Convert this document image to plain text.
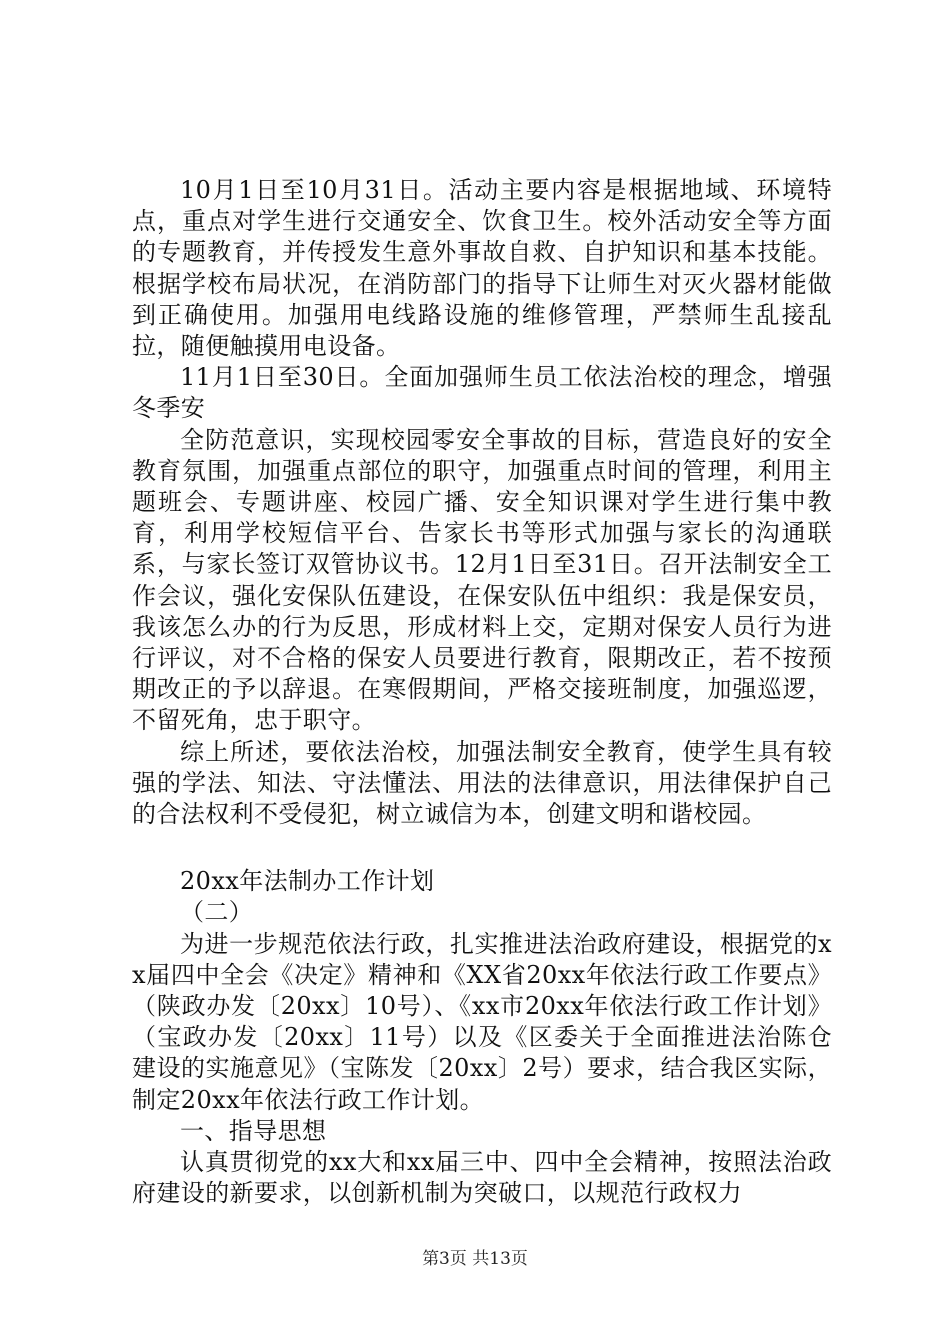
10月1日至10月31日。活动主要内容是根据地域、环境特点，重点对学生进行交通安全、饮食卫生。校外活动安全等方面的专题教育，并传授发生意外事故自救、自护知识和基本技能。根据学校布局状况，在消防部门的指导下让师生对灭火器材能做到正确使用。加强用电线路设施的维修管理，严禁师生乱接乱拉，随便触摸用电设备。

11月1日至30日。全面加强师生员工依法治校的理念，增强冬季安

全防范意识，实现校园零安全事故的目标，营造良好的安全教育氛围，加强重点部位的职守，加强重点时间的管理，利用主题班会、专题讲座、校园广播、安全知识课对学生进行集中教育，利用学校短信平台、告家长书等形式加强与家长的沟通联系，与家长签订双管协议书。12月1日至31日。召开法制安全工作会议，强化安保队伍建设，在保安队伍中组织：我是保安员，我该怎么办的行为反思，形成材料上交，定期对保安人员行为进行评议，对不合格的保安人员要进行教育，限期改正，若不按预期改正的予以辞退。在寒假期间，严格交接班制度，加强巡逻，不留死角，忠于职守。

综上所述，要依法治校，加强法制安全教育，使学生具有较强的学法、知法、守法懂法、用法的法律意识，用法律保护自己的合法权利不受侵犯，树立诚信为本，创建文明和谐校园。

20xx年法制办工作计划

（二）

为进一步规范依法行政，扎实推进法治政府建设，根据党的xx届四中全会《决定》精神和《XX省20xx年依法行政工作要点》（陕政办发〔20xx〕10号）、《xx市20xx年依法行政工作计划》（宝政办发〔20xx〕11号）以及《区委关于全面推进法治陈仓建设的实施意见》（宝陈发〔20xx〕2号）要求，结合我区实际，制定20xx年依法行政工作计划。

一、指导思想

认真贯彻党的xx大和xx届三中、四中全会精神，按照法治政府建设的新要求，以创新机制为突破口，以规范行政权力

第3页 共13页
